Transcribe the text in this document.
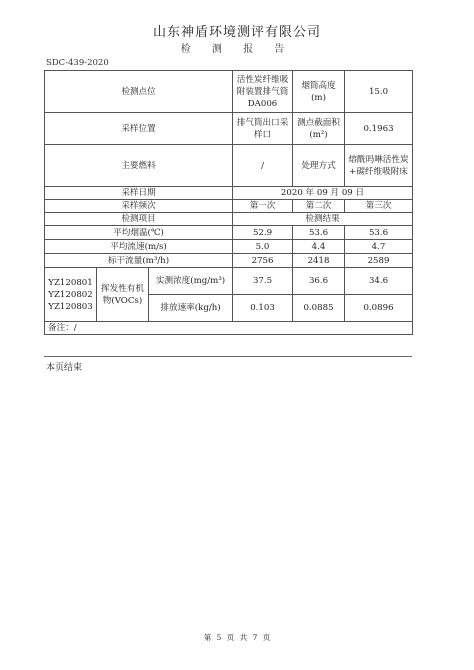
山东神盾环境测评有限公司
检 测 报 告
SDC-439-2020
检测点位			活性炭纤维吸附装置排气筒DA006	烟筒高度(m)	15.0
采样位置			排气筒出口采样口	测点截面积(m²)	0.1963
主要燃料			/	处理方式	熔酰吗啉活性炭+碳纤维吸附床
采样日期			2020 年 09 月 09 日		
采样频次			第一次	第二次	第三次
检测项目			检测结果		
平均烟温(℃)			52.9	53.6	53.6
平均流速(m/s)			5.0	4.4	4.7
标干流量(m³/h)			2756	2418	2589

YZ120801
YZ120802
YZ120803	挥发性有机物(VOCs)	实测浓度(mg/m³)	37.5	36.6	34.6
		排放速率(kg/h)	0.103	0.0885	0.0896
备注：/					
本页结束
第 5 页 共 7 页
